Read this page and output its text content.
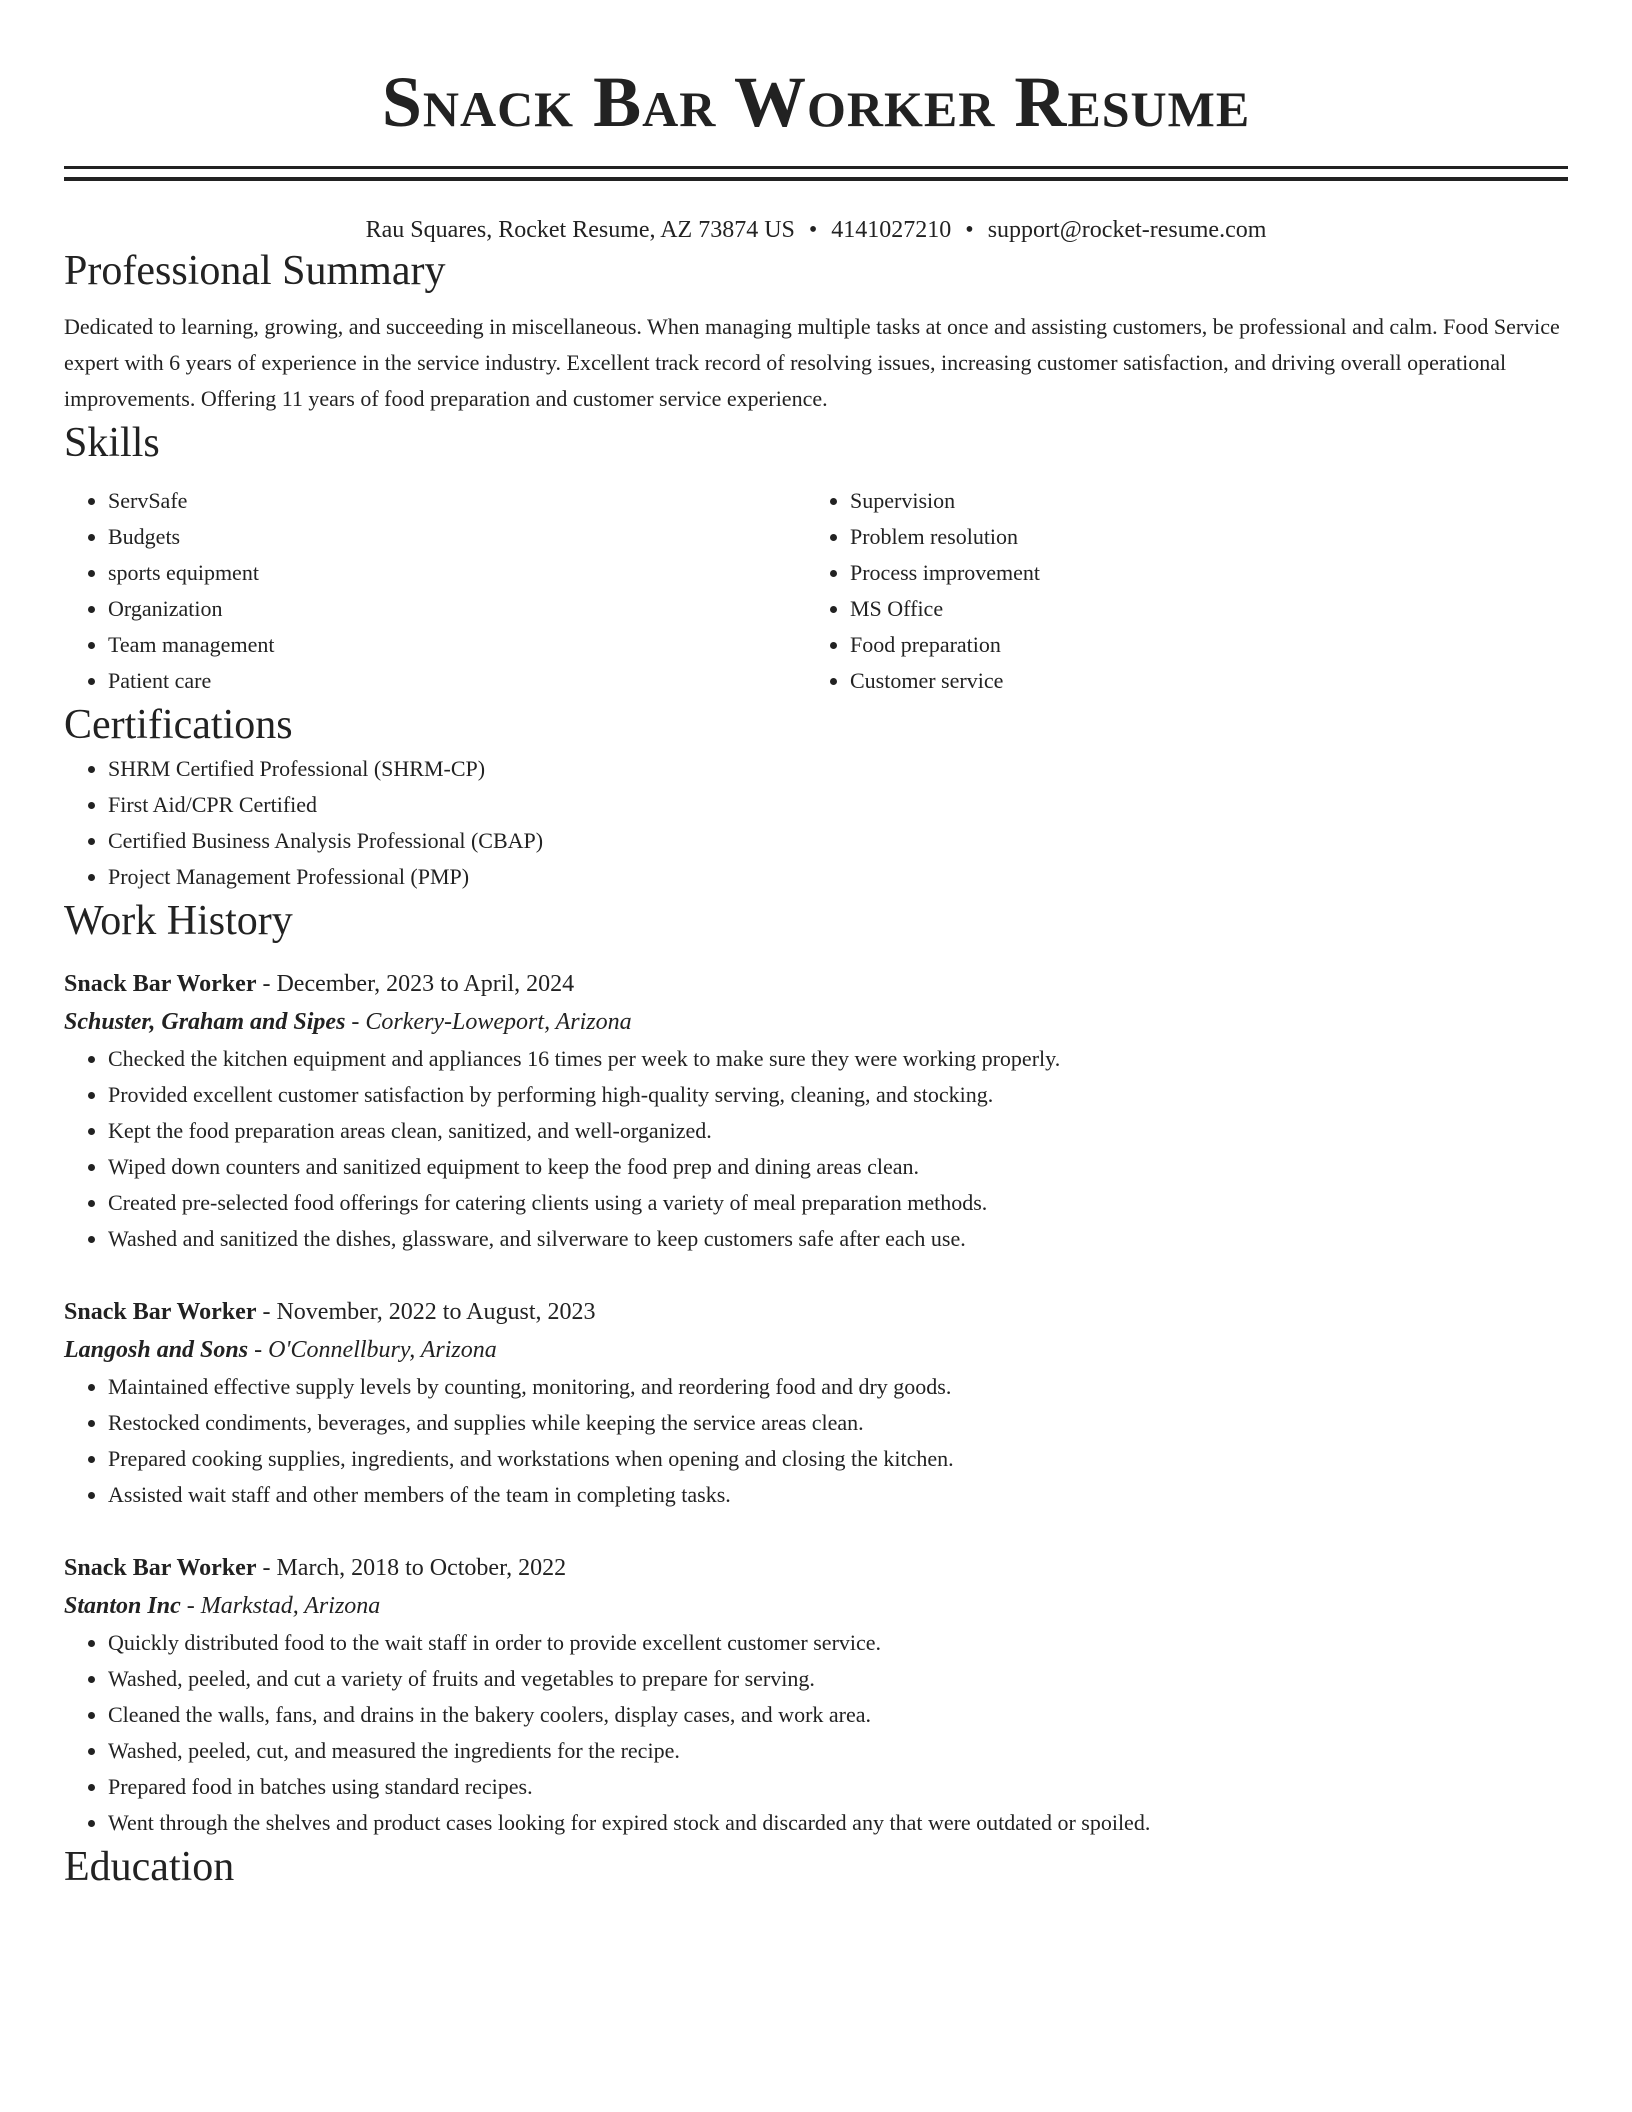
Snack Bar Worker Resume
Rau Squares, Rocket Resume, AZ 73874 US • 4141027210 • support@rocket-resume.com
Professional Summary

Dedicated to learning, growing, and succeeding in miscellaneous. When managing multiple tasks at once and assisting customers, be professional and calm. Food Service expert with 6 years of experience in the service industry. Excellent track record of resolving issues, increasing customer satisfaction, and driving overall operational improvements. Offering 11 years of food preparation and customer service experience.

Skills
• ServSafe
• Budgets
• sports equipment
• Organization
• Team management
• Patient care
• Supervision
• Problem resolution
• Process improvement
• MS Office
• Food preparation
• Customer service
Certifications
• SHRM Certified Professional (SHRM-CP)
• First Aid/CPR Certified
• Certified Business Analysis Professional (CBAP)
• Project Management Professional (PMP)
Work History
Snack Bar Worker - December, 2023 to April, 2024
Schuster, Graham and Sipes - Corkery-Loweport, Arizona
• Checked the kitchen equipment and appliances 16 times per week to make sure they were working properly.
• Provided excellent customer satisfaction by performing high-quality serving, cleaning, and stocking.
• Kept the food preparation areas clean, sanitized, and well-organized.
• Wiped down counters and sanitized equipment to keep the food prep and dining areas clean.
• Created pre-selected food offerings for catering clients using a variety of meal preparation methods.
• Washed and sanitized the dishes, glassware, and silverware to keep customers safe after each use.
Snack Bar Worker - November, 2022 to August, 2023
Langosh and Sons - O'Connellbury, Arizona
• Maintained effective supply levels by counting, monitoring, and reordering food and dry goods.
• Restocked condiments, beverages, and supplies while keeping the service areas clean.
• Prepared cooking supplies, ingredients, and workstations when opening and closing the kitchen.
• Assisted wait staff and other members of the team in completing tasks.
Snack Bar Worker - March, 2018 to October, 2022
Stanton Inc - Markstad, Arizona
• Quickly distributed food to the wait staff in order to provide excellent customer service.
• Washed, peeled, and cut a variety of fruits and vegetables to prepare for serving.
• Cleaned the walls, fans, and drains in the bakery coolers, display cases, and work area.
• Washed, peeled, cut, and measured the ingredients for the recipe.
• Prepared food in batches using standard recipes.
• Went through the shelves and product cases looking for expired stock and discarded any that were outdated or spoiled.
Education
